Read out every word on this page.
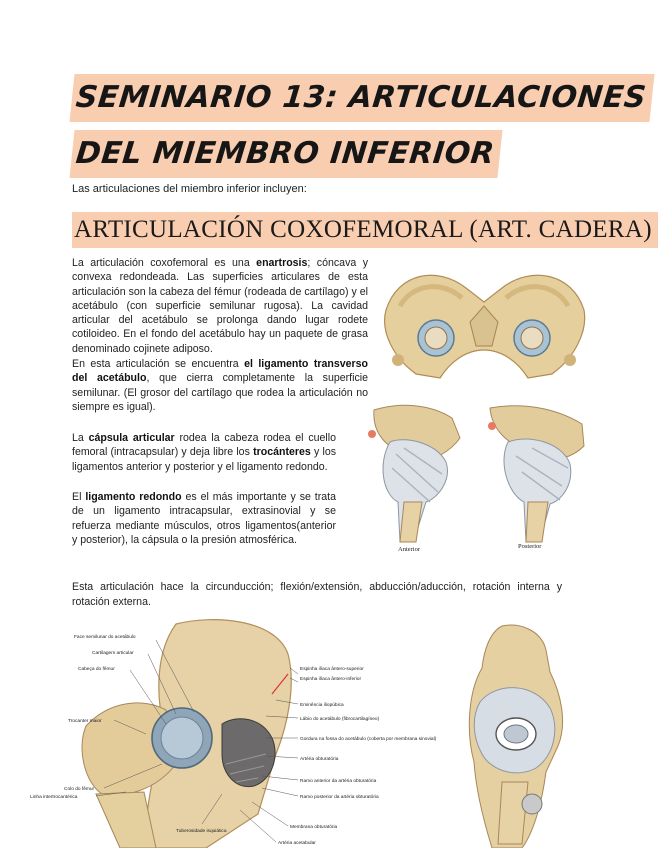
SEMINARIO 13: ARTICULACIONES
DEL MIEMBRO INFERIOR
Las articulaciones del miembro inferior incluyen:
ARTICULACIÓN COXOFEMORAL (ART. CADERA)
La articulación coxofemoral es una enartrosis; cóncava y convexa redondeada. Las superficies articulares de esta articulación son la cabeza del fémur (rodeada de cartílago) y el acetábulo (con superficie semilunar rugosa). La cavidad articular del acetábulo se prolonga dando lugar rodete cotiloideo. En el fondo del acetábulo hay un paquete de grasa denominado cojinete adiposo.
En esta articulación se encuentra el ligamento transverso del acetábulo, que cierra completamente la superficie semilunar. (El grosor del cartílago que rodea la articulación no siempre es igual).
La cápsula articular rodea la cabeza rodea el cuello femoral (intracapsular) y deja libre los trocánteres y los ligamentos anterior y posterior y el ligamento redondo.
El ligamento redondo es el más importante y se trata de un ligamento intracapsular, extrasinovial y se refuerza mediante músculos, otros ligamentos(anterior y posterior), la cápsula o la presión atmosférica.
Esta articulación hace la circunducción; flexión/extensión, abducción/aducción, rotación interna y rotación externa.
Anterior	Posterior
Face semilunar do acetábulo
Cartilagem articular
Cabeça do fêmur
Trocanter maior
Colo do fêmur
Linha intertrocantérica
Tuberosidade isquiática
Espinha ilíaca ântero-superior
Espinha ilíaca ântero-inferior
Eminência iliopúbica
Lábio do acetábulo (fibrocartilagíneo)
Gordura na fossa do acetábulo (coberta por membrana sinovial)
Artéria obturatória
Ramo anterior da artéria obturatória
Ramo posterior da artéria obturatória
Membrana obturatória
Artéria acetabular
